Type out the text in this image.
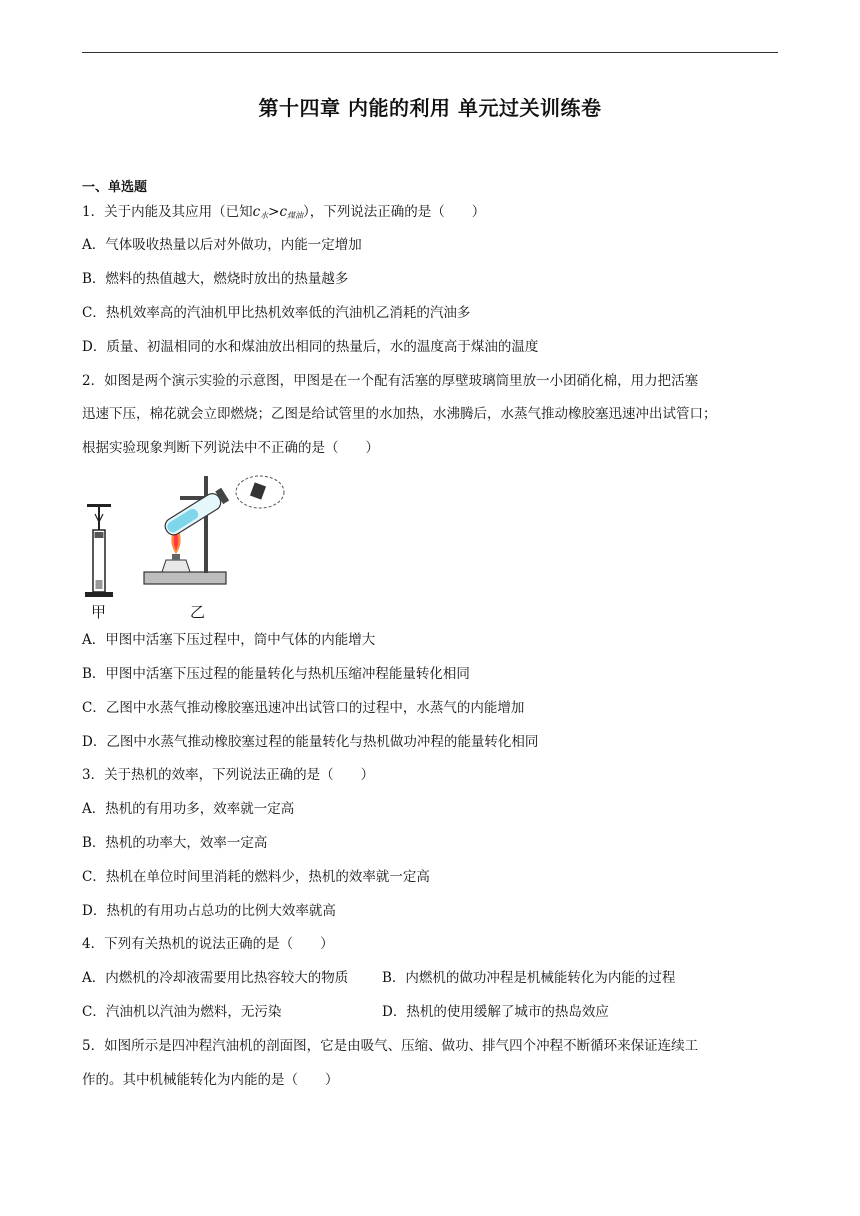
第十四章 内能的利用 单元过关训练卷
一、单选题
1．关于内能及其应用（已知$c_水>c_{煤油}$），下列说法正确的是（　　）
A．气体吸收热量以后对外做功，内能一定增加
B．燃料的热值越大，燃烧时放出的热量越多
C．热机效率高的汽油机甲比热机效率低的汽油机乙消耗的汽油多
D．质量、初温相同的水和煤油放出相同的热量后，水的温度高于煤油的温度
2．如图是两个演示实验的示意图，甲图是在一个配有活塞的厚壁玻璃筒里放一小团硝化棉，用力把活塞
迅速下压，棉花就会立即燃烧；乙图是给试管里的水加热，水沸腾后，水蒸气推动橡胶塞迅速冲出试管口；
根据实验现象判断下列说法中不正确的是（　　）
甲	乙
A．甲图中活塞下压过程中，筒中气体的内能增大
B．甲图中活塞下压过程的能量转化与热机压缩冲程能量转化相同
C．乙图中水蒸气推动橡胶塞迅速冲出试管口的过程中，水蒸气的内能增加
D．乙图中水蒸气推动橡胶塞过程的能量转化与热机做功冲程的能量转化相同
3．关于热机的效率，下列说法正确的是（　　）
A．热机的有用功多，效率就一定高
B．热机的功率大，效率一定高
C．热机在单位时间里消耗的燃料少，热机的效率就一定高
D．热机的有用功占总功的比例大效率就高
4．下列有关热机的说法正确的是（　　）
A．内燃机的冷却液需要用比热容较大的物质	B．内燃机的做功冲程是机械能转化为内能的过程
C．汽油机以汽油为燃料，无污染	D．热机的使用缓解了城市的热岛效应
5．如图所示是四冲程汽油机的剖面图，它是由吸气、压缩、做功、排气四个冲程不断循环来保证连续工
作的。其中机械能转化为内能的是（　　）
